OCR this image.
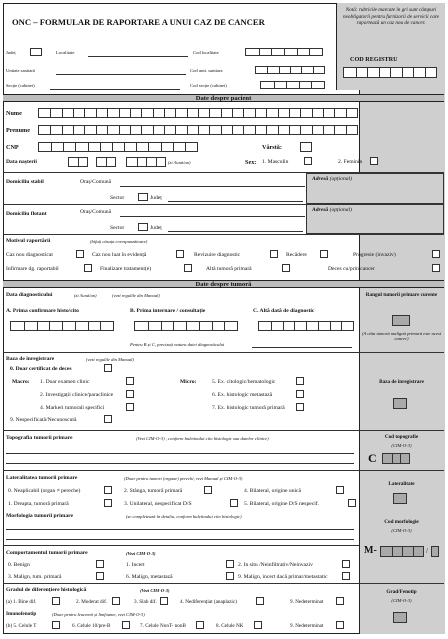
ONC – FORMULAR DE RAPORTARE A UNUI CAZ DE CANCER
Notă: rubricile marcate în gri sunt câmpuri neobligatorii pentru furnizorii de servicii care raportează un caz nou de cancer.
COD REGISTRU
Județ	Localitate	Cod localitate
Unitate sanitară	Cod unit. sanitara
Secție (cabinet)	Cod secție (cabinet)
Date despre pacient
Nume
Prenume
CNP	Vârstă:
Data nașterii	(zi /lună/an)	Sex: 1. Masculin	2. Feminin
Domiciliu stabil	Oraș/Comună
Sector	Județ
Adresă (opțional)
Domiciliu flotant	Oraș/Comună
Sector	Județ
Adresă (opțional)
Motivul raportării	(bifați căsuța corespunzătoare)
Caz nou diagnosticat	Caz nou luat în evidență	Revizuire diagnostic	Recădere	Progresie (invaziv)
Infirmare dg. raportabil	Finalizare tratament(e)	Altă tumoră primară	Deces cu/prin cancer
Date despre tumoră
Data diagnosticului	(zi /lună/an)	(vezi regulile din Manual)
A. Prima confirmare histo/cito	B. Prima internare / consultație	C. Altă dată de diagnostic
Pentru B și C, precizați natura datei diagnosticului
Rangul tumorii primare curente
(A câta tumoră malignă primară este acest cancer)
Baza de înregistrare	(vezi regulile din Manual)
0. Doar certificat de deces
Macro: 1. Doar examen clinic
2. Investigații clinice/paraclinice
4. Markeri tumorali specifici
Micro:	5. Ex. citologic/hematologic
6. Ex. histologic metastază
7. Ex. histologic tumoră primară
9. Nespecificată/Necunoscută
Baza de înregistrare
Topografia tumorii primare	(Vezi CIM-O-3) , conform buletinului cito histologic sau datelor clinice)	Cod topografie
(CIM-O-3)
C
Lateralitatea tumorii primare	(Doar pentru tumori (organe) perechi, vezi Manual și CIM-O-3)
0. Neaplicabil (organ ≠ pereche)	2. Stânga, tumoră primară	4. Bilateral, origine unică
1. Dreapta, tumoră primară	3. Unilateral, nespecificat D/S	5. Bilateral, origine D/S nespecif.
Lateralitate
Morfologia tumorii primare	(se completează în detaliu, conform buletinului cito histologic)
Cod morfologie
(CIM-O-3)
M-	/
Comportamentul tumorii primare	(Vezi CIM-O-3)
0. Benign	1. Incert	2. In situ /Neinfiltrativ/Neinvaziv
3. Malign, tum. primară	6. Malign, metastază	9. Malign, incert dacă primar/metastatic
Gradul de diferențiere histologică	(Vezi CIM-O-3)
(a) 1. Bine dif.	2. Moderat dif.	3. Slab dif.	4. Nediferențiat (anaplazic)	9. Nedeterminat
Imunofenotip	(Doar pentru leucemii și limfoame, vezi CIM-O-3)
(b) 5. Celule T	6. Celule 10/pre-B	7. Celule NonT- nonB	8. Celule NK	9. Nedeterminat
Grad/Fenotip
(CIM-O-3)
